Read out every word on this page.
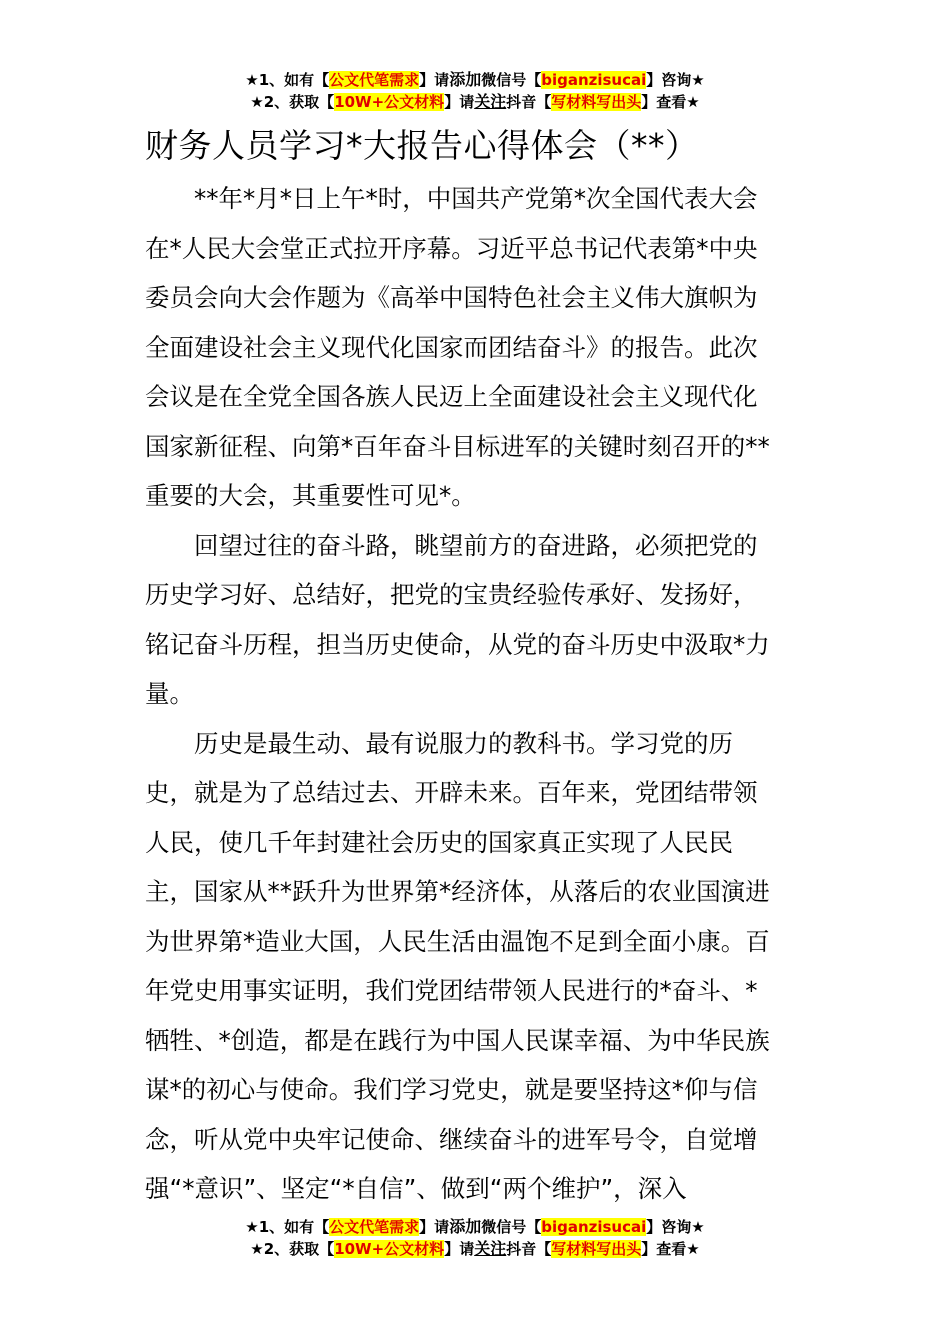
★1、如有【公文代笔需求】请添加微信号【biganzisucai】咨询★
★2、获取【10W+公文材料】请关注抖音【写材料写出头】查看★
财务人员学习*大报告心得体会（**）
**年*月*日上午*时，中国共产党第*次全国代表大会
在*人民大会堂正式拉开序幕。习近平总书记代表第*中央
委员会向大会作题为《高举中国特色社会主义伟大旗帜为
全面建设社会主义现代化国家而团结奋斗》的报告。此次
会议是在全党全国各族人民迈上全面建设社会主义现代化
国家新征程、向第*百年奋斗目标进军的关键时刻召开的**
重要的大会，其重要性可见*。
回望过往的奋斗路，眺望前方的奋进路，必须把党的
历史学习好、总结好，把党的宝贵经验传承好、发扬好，
铭记奋斗历程，担当历史使命，从党的奋斗历史中汲取*力
量。
历史是最生动、最有说服力的教科书。学习党的历
史，就是为了总结过去、开辟未来。百年来，党团结带领
人民，使几千年封建社会历史的国家真正实现了人民民
主，国家从**跃升为世界第*经济体，从落后的农业国演进
为世界第*造业大国，人民生活由温饱不足到全面小康。百
年党史用事实证明，我们党团结带领人民进行的*奋斗、*
牺牲、*创造，都是在践行为中国人民谋幸福、为中华民族
谋*的初心与使命。我们学习党史，就是要坚持这*仰与信
念，听从党中央牢记使命、继续奋斗的进军号令，自觉增
强“*意识”、坚定“*自信”、做到“两个维护”，深入
★1、如有【公文代笔需求】请添加微信号【biganzisucai】咨询★
★2、获取【10W+公文材料】请关注抖音【写材料写出头】查看★
